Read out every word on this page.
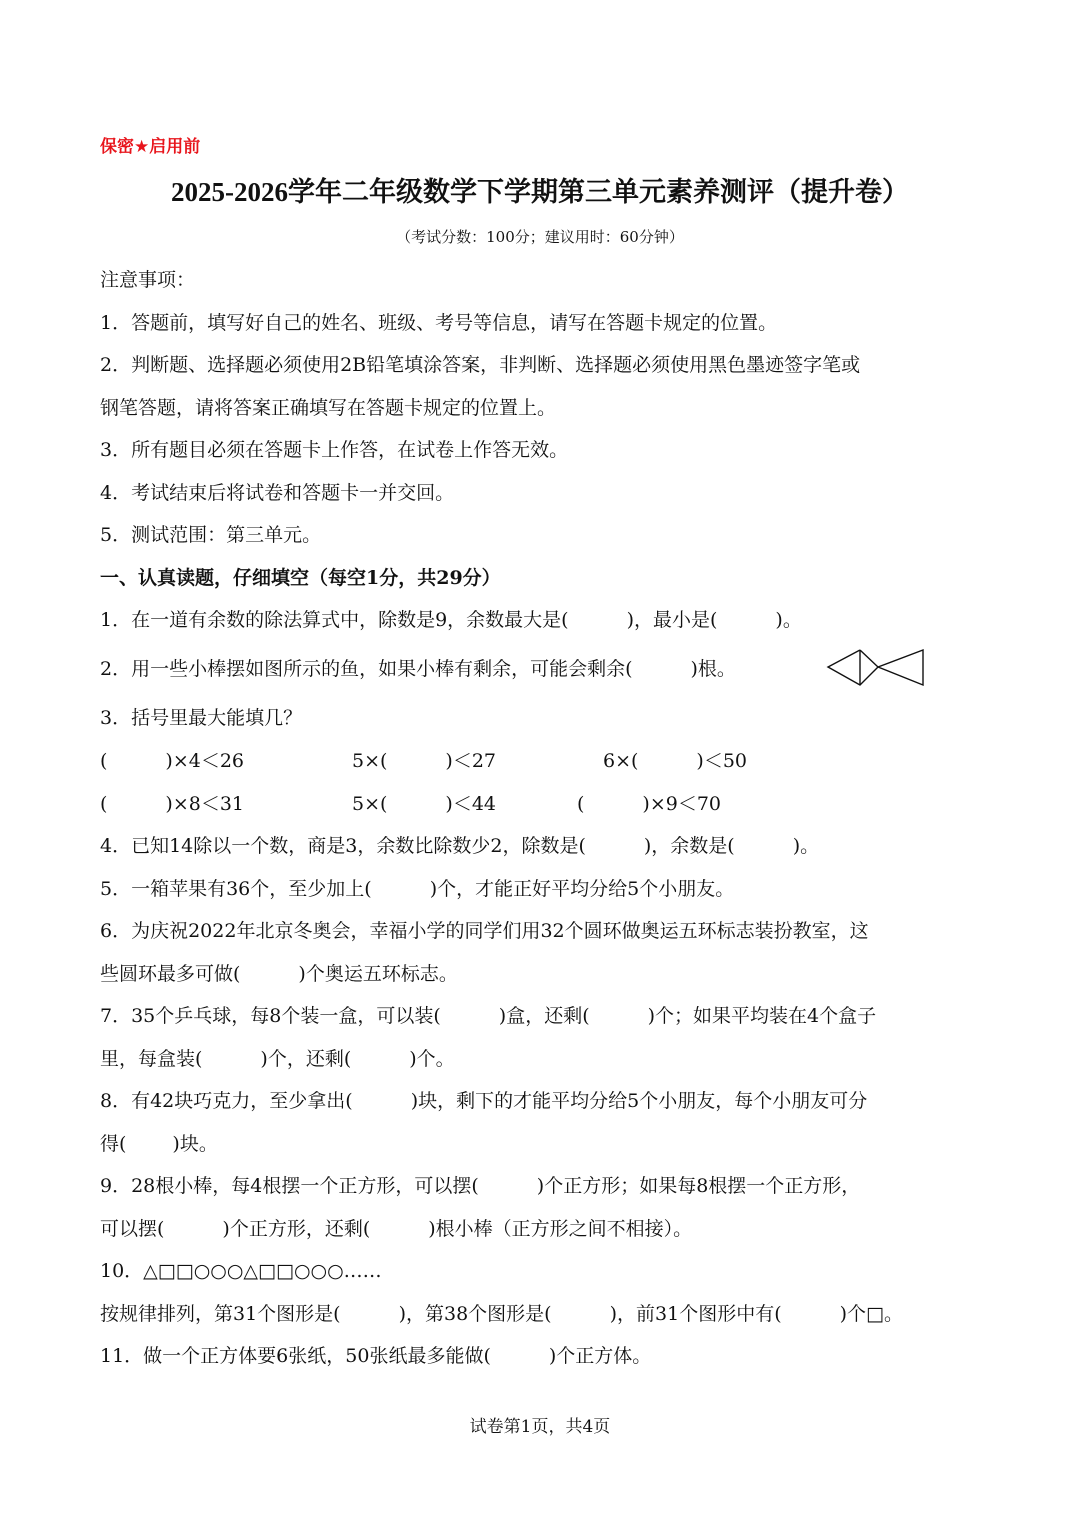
保密★启用前
2025-2026学年二年级数学下学期第三单元素养测评（提升卷）
（考试分数：100分；建议用时：60分钟）
注意事项：
1．答题前，填写好自己的姓名、班级、考号等信息，请写在答题卡规定的位置。
2．判断题、选择题必须使用2B铅笔填涂答案，非判断、选择题必须使用黑色墨迹签字笔或
钢笔答题，请将答案正确填写在答题卡规定的位置上。
3．所有题目必须在答题卡上作答，在试卷上作答无效。
4．考试结束后将试卷和答题卡一并交回。
5．测试范围：第三单元。
一、认真读题，仔细填空（每空1分，共29分）
1．在一道有余数的除法算式中，除数是9，余数最大是(	)，最小是(	)。
2．用一些小棒摆如图所示的鱼，如果小棒有剩余，可能会剩余(	)根。
3．括号里最大能填几？
(	)×4＜26	5×(	)＜27	6×(	)＜50
(	)×8＜31	5×(	)＜44	(	)×9＜70
4．已知14除以一个数，商是3，余数比除数少2，除数是(	)，余数是(	)。
5．一箱苹果有36个，至少加上(	)个，才能正好平均分给5个小朋友。
6．为庆祝2022年北京冬奥会，幸福小学的同学们用32个圆环做奥运五环标志装扮教室，这
些圆环最多可做(	)个奥运五环标志。
7．35个乒乓球，每8个装一盒，可以装(	)盒，还剩(	)个；如果平均装在4个盒子
里，每盒装(	)个，还剩(	)个。
8．有42块巧克力，至少拿出(	)块，剩下的才能平均分给5个小朋友，每个小朋友可分
得( )块。
9．28根小棒，每4根摆一个正方形，可以摆(	)个正方形；如果每8根摆一个正方形，
可以摆(	)个正方形，还剩(	)根小棒（正方形之间不相接）。
10．△□□○○○△□□○○○……
按规律排列，第31个图形是(	)，第38个图形是(	)，前31个图形中有(	)个□。
11．做一个正方体要6张纸，50张纸最多能做(	)个正方体。
试卷第1页，共4页
